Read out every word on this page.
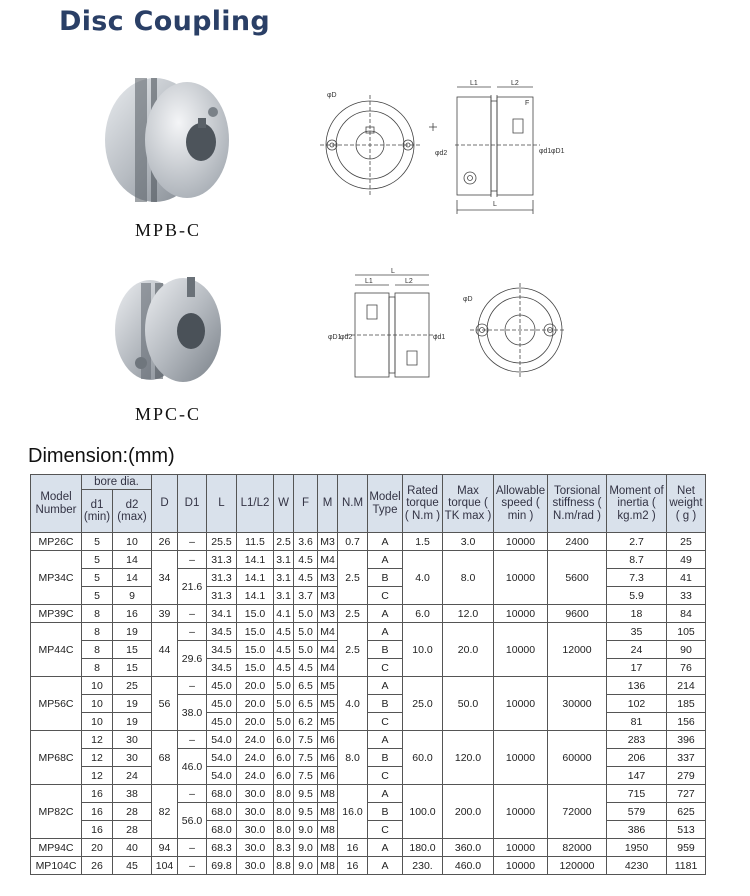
Disc Coupling
MPB-C
MPC-C
φD
L1	L2
F
L
φd2	φd1 φD1
L
L1	L2
φD1
φd2	φd1
φD
Dimension:(mm)
Model Number	bore dia.		D	D1	L	L1/L2	W	F	M	N.M	Model Type	Rated torque ( N.m )	Max torque ( TK max )	Allowable speed ( min )	Torsional stiffness ( N.m/rad )	Moment of inertia ( kg.m2 )	Net weight ( g )
	d1 (min)	d2 (max)															
MP26C	5	10	26	–	25.5	11.5	2.5	3.6	M3	0.7	A	1.5	3.0	10000	2400	2.7	25
MP34C	5	14	34	–	31.3	14.1	3.1	4.5	M4	2.5	A	4.0	8.0	10000	5600	8.7	49
	5	14		21.6	31.3	14.1	3.1	4.5	M3		B					7.3	41
	5	9			31.3	14.1	3.1	3.7	M3		C					5.9	33
MP39C	8	16	39	–	34.1	15.0	4.1	5.0	M3	2.5	A	6.0	12.0	10000	9600	18	84
MP44C	8	19	44	–	34.5	15.0	4.5	5.0	M4	2.5	A	10.0	20.0	10000	12000	35	105
	8	15		29.6	34.5	15.0	4.5	5.0	M4		B					24	90
	8	15			34.5	15.0	4.5	4.5	M4		C					17	76
MP56C	10	25	56	–	45.0	20.0	5.0	6.5	M5	4.0	A	25.0	50.0	10000	30000	136	214
	10	19		38.0	45.0	20.0	5.0	6.5	M5		B					102	185
	10	19			45.0	20.0	5.0	6.2	M5		C					81	156
MP68C	12	30	68	–	54.0	24.0	6.0	7.5	M6	8.0	A	60.0	120.0	10000	60000	283	396
	12	30		46.0	54.0	24.0	6.0	7.5	M6		B					206	337
	12	24			54.0	24.0	6.0	7.5	M6		C					147	279
MP82C	16	38	82	–	68.0	30.0	8.0	9.5	M8	16.0	A	100.0	200.0	10000	72000	715	727
	16	28		56.0	68.0	30.0	8.0	9.5	M8		B					579	625
	16	28			68.0	30.0	8.0	9.0	M8		C					386	513
MP94C	20	40	94	–	68.3	30.0	8.3	9.0	M8	16	A	180.0	360.0	10000	82000	1950	959
MP104C	26	45	104	–	69.8	30.0	8.8	9.0	M8	16	A	230.	460.0	10000	120000	4230	1181
